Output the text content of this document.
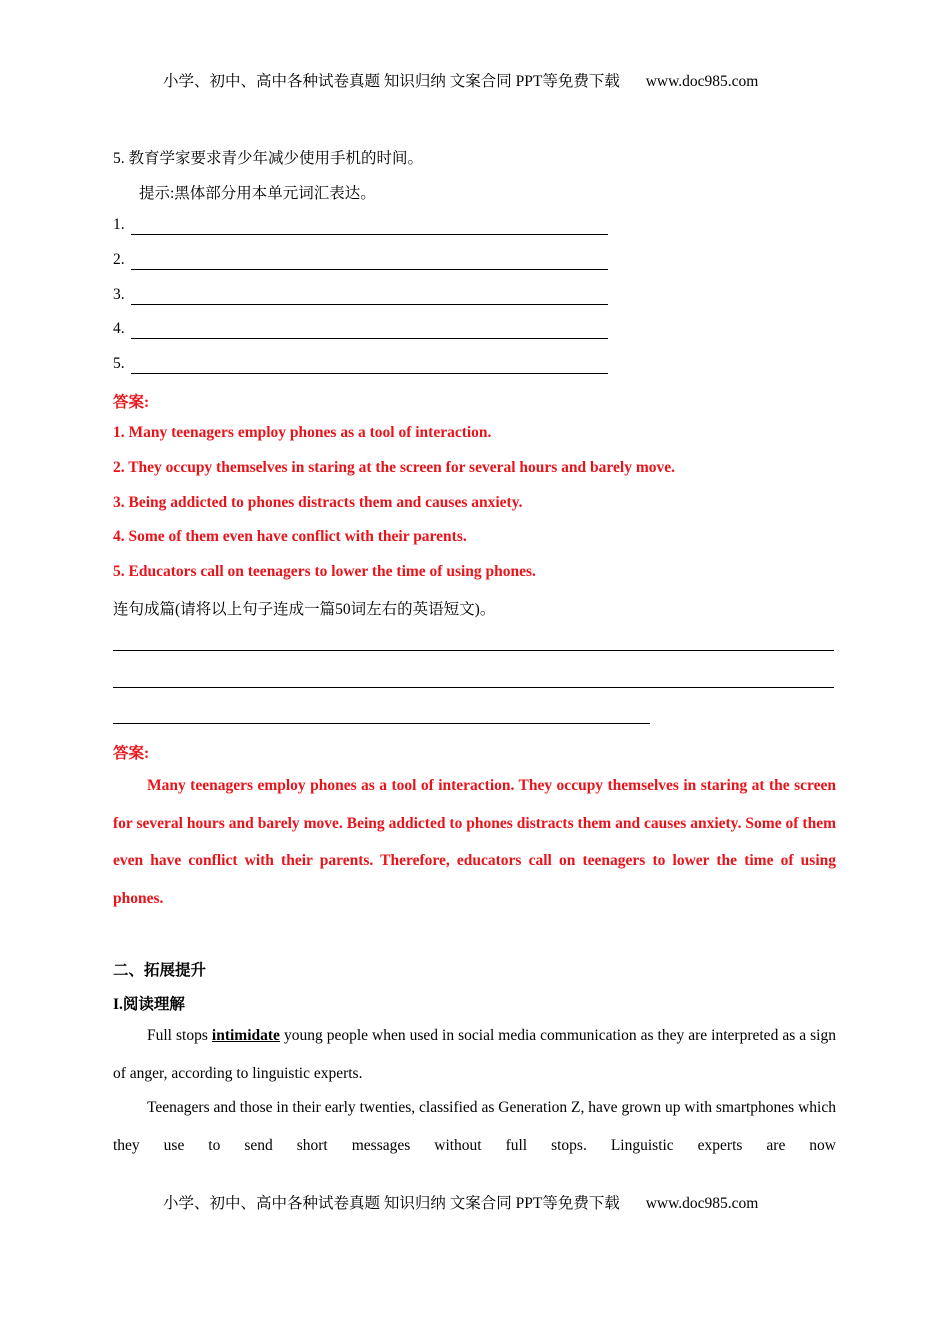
小学、初中、高中各种试卷真题 知识归纳 文案合同 PPT等免费下载 www.doc985.com
5. 教育学家要求青少年减少使用手机的时间。
提示:黑体部分用本单元词汇表达。
1.
2.
3.
4.
5.
答案:
1. Many teenagers employ phones as a tool of interaction.
2. They occupy themselves in staring at the screen for several hours and barely move.
3. Being addicted to phones distracts them and causes anxiety.
4. Some of them even have conflict with their parents.
5. Educators call on teenagers to lower the time of using phones.
连句成篇(请将以上句子连成一篇50词左右的英语短文)。
答案:
Many teenagers employ phones as a tool of interaction. They occupy themselves in staring at the screen for several hours and barely move. Being addicted to phones distracts them and causes anxiety. Some of them even have conflict with their parents. Therefore, educators call on teenagers to lower the time of using phones.
二、拓展提升
I.阅读理解
Full stops intimidate young people when used in social media communication as they are interpreted as a sign of anger, according to linguistic experts.
Teenagers and those in their early twenties, classified as Generation Z, have grown up with smartphones which they use to send short messages without full stops. Linguistic experts are now
小学、初中、高中各种试卷真题 知识归纳 文案合同 PPT等免费下载 www.doc985.com
